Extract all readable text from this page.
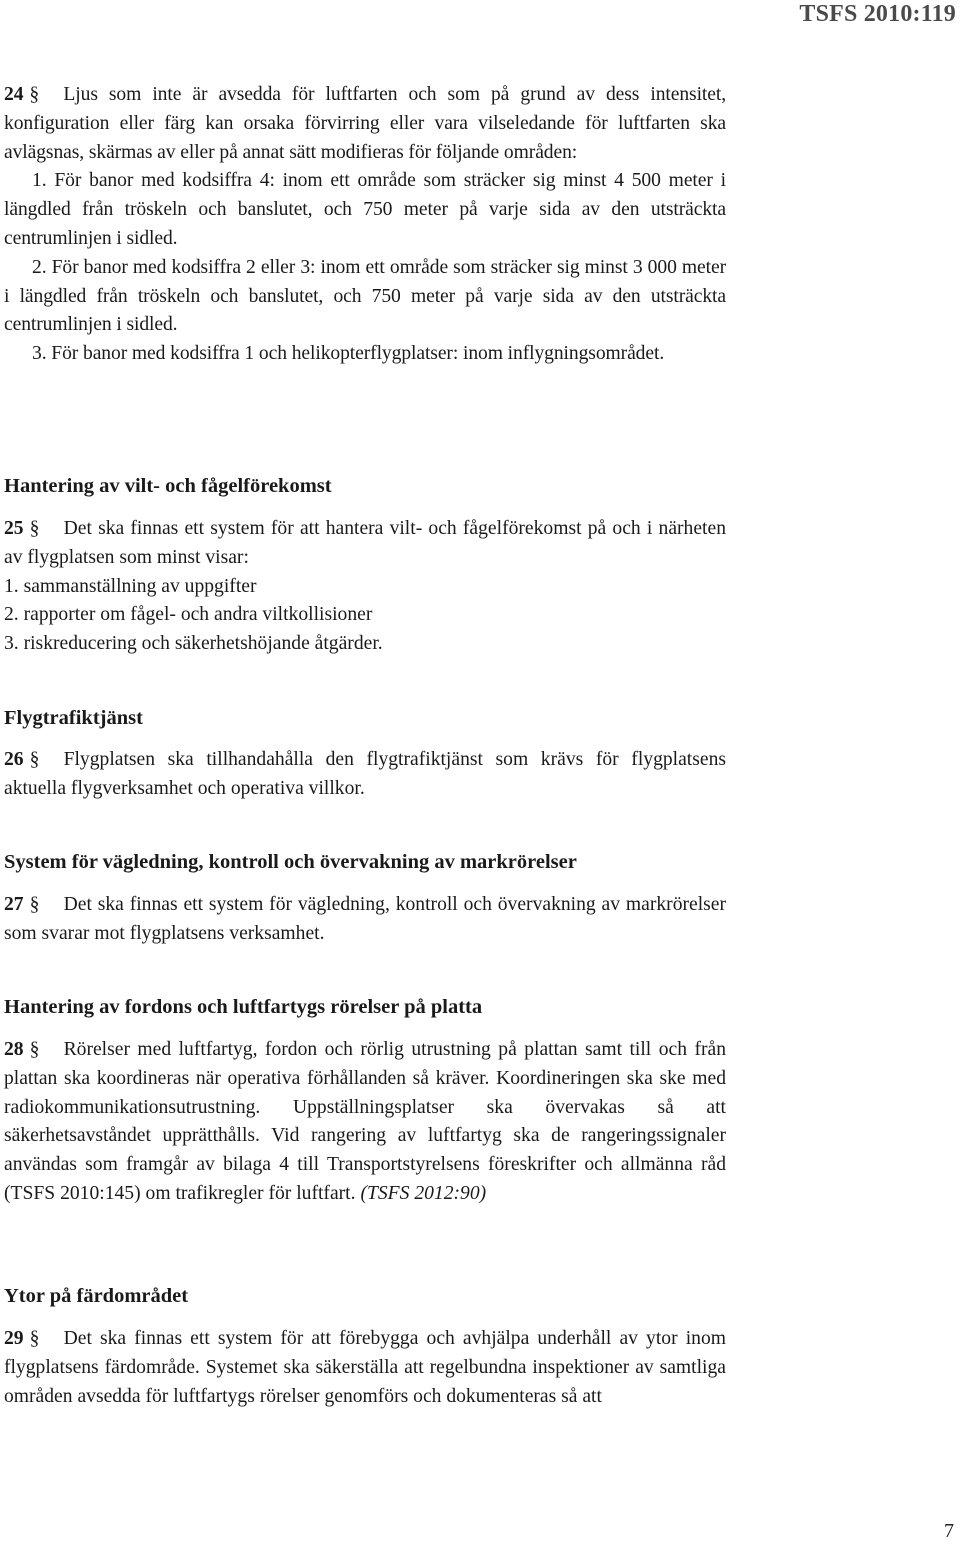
TSFS 2010:119

24 § Ljus som inte är avsedda för luftfarten och som på grund av dess intensitet, konfiguration eller färg kan orsaka förvirring eller vara vilseledande för luftfarten ska avlägsnas, skärmas av eller på annat sätt modifieras för följande områden:

1. För banor med kodsiffra 4: inom ett område som sträcker sig minst 4 500 meter i längdled från tröskeln och banslutet, och 750 meter på varje sida av den utsträckta centrumlinjen i sidled.

2. För banor med kodsiffra 2 eller 3: inom ett område som sträcker sig minst 3 000 meter i längdled från tröskeln och banslutet, och 750 meter på varje sida av den utsträckta centrumlinjen i sidled.

3. För banor med kodsiffra 1 och helikopterflygplatser: inom inflygningsområdet.

Hantering av vilt- och fågelförekomst

25 § Det ska finnas ett system för att hantera vilt- och fågelförekomst på och i närheten av flygplatsen som minst visar:

1. sammanställning av uppgifter

2. rapporter om fågel- och andra viltkollisioner

3. riskreducering och säkerhetshöjande åtgärder.

Flygtrafiktjänst

26 § Flygplatsen ska tillhandahålla den flygtrafiktjänst som krävs för flygplatsens aktuella flygverksamhet och operativa villkor.

System för vägledning, kontroll och övervakning av markrörelser

27 § Det ska finnas ett system för vägledning, kontroll och övervakning av markrörelser som svarar mot flygplatsens verksamhet.

Hantering av fordons och luftfartygs rörelser på platta

28 § Rörelser med luftfartyg, fordon och rörlig utrustning på plattan samt till och från plattan ska koordineras när operativa förhållanden så kräver. Koordineringen ska ske med radiokommunikationsutrustning. Uppställningsplatser ska övervakas så att säkerhetsavståndet upprätthålls. Vid rangering av luftfartyg ska de rangeringssignaler användas som framgår av bilaga 4 till Transportstyrelsens föreskrifter och allmänna råd (TSFS 2010:145) om trafikregler för luftfart. (TSFS 2012:90)

Ytor på färdområdet

29 § Det ska finnas ett system för att förebygga och avhjälpa underhåll av ytor inom flygplatsens färdområde. Systemet ska säkerställa att regelbundna inspektioner av samtliga områden avsedda för luftfartygs rörelser genomförs och dokumenteras så att

7
